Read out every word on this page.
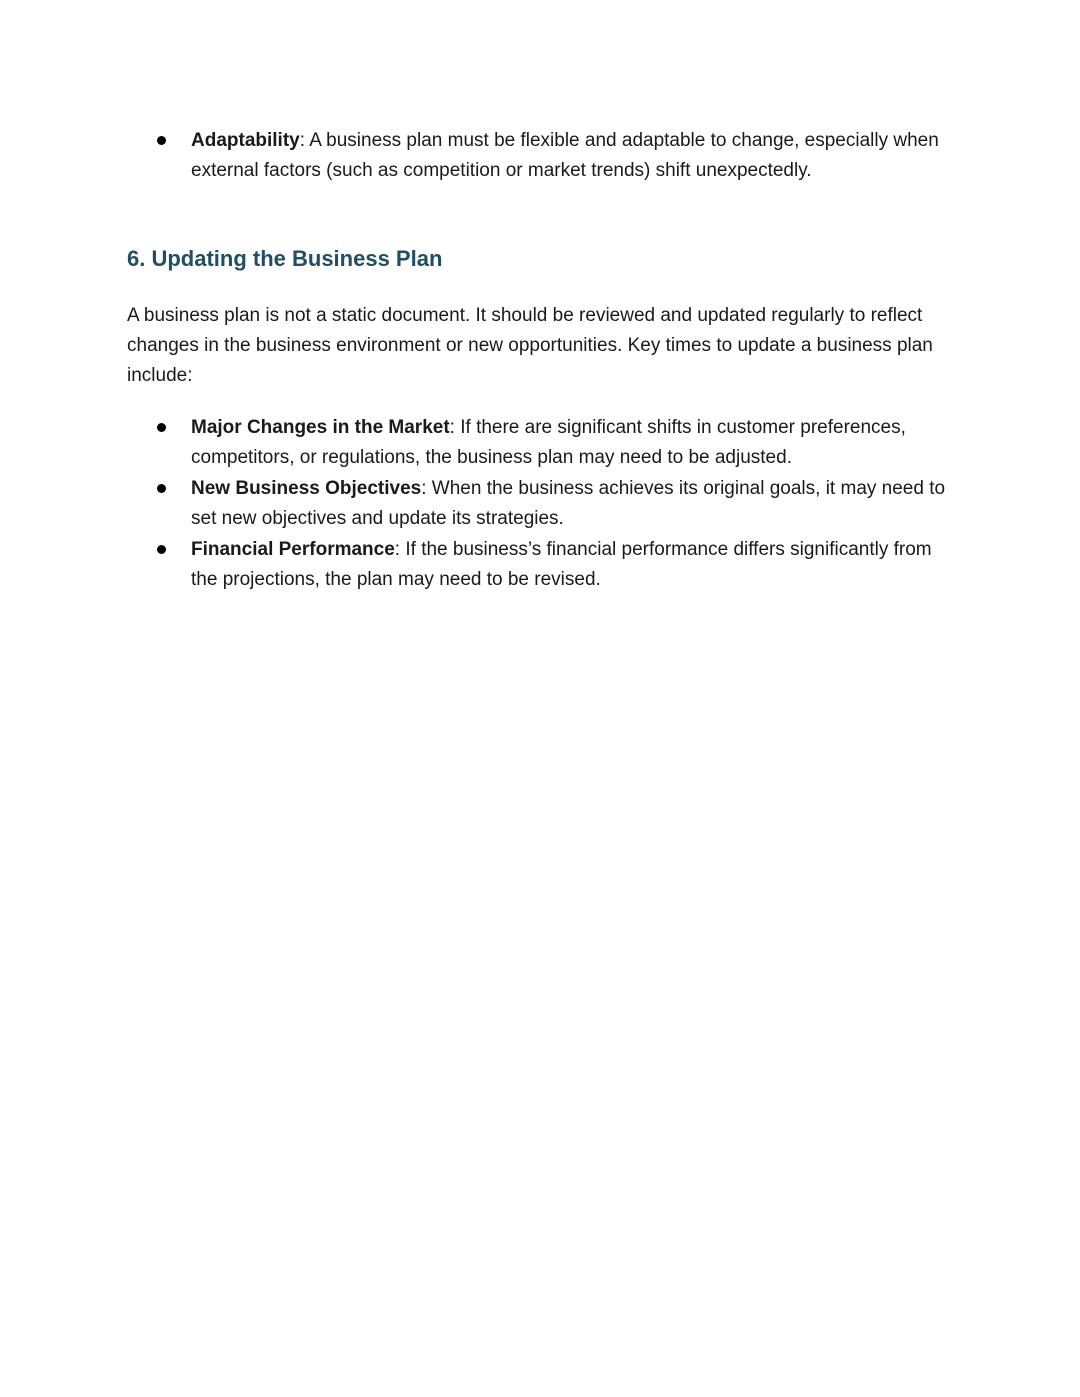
Adaptability: A business plan must be flexible and adaptable to change, especially when external factors (such as competition or market trends) shift unexpectedly.
6. Updating the Business Plan

A business plan is not a static document. It should be reviewed and updated regularly to reflect changes in the business environment or new opportunities. Key times to update a business plan include:

Major Changes in the Market: If there are significant shifts in customer preferences, competitors, or regulations, the business plan may need to be adjusted.
New Business Objectives: When the business achieves its original goals, it may need to set new objectives and update its strategies.
Financial Performance: If the business’s financial performance differs significantly from the projections, the plan may need to be revised.
